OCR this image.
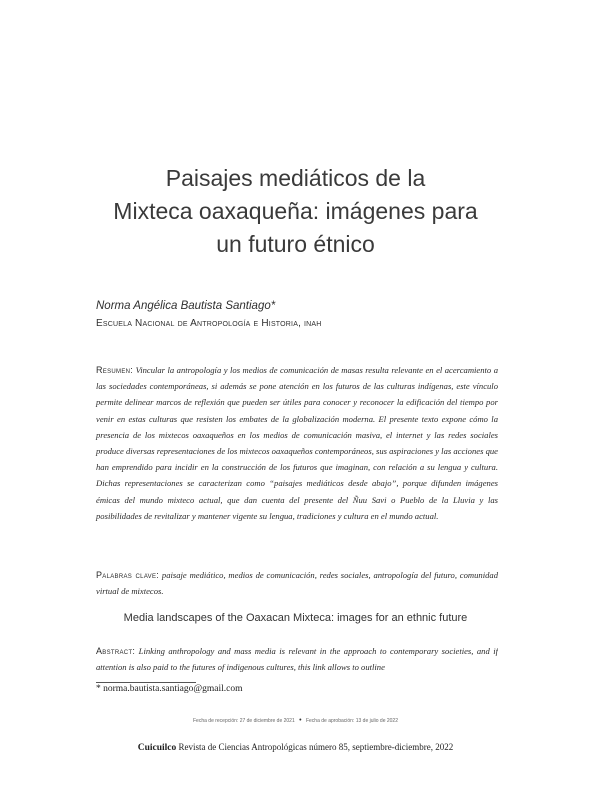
Paisajes mediáticos de la
Mixteca oaxaqueña: imágenes para
un futuro étnico

Norma Angélica Bautista Santiago*

Escuela Nacional de Antropología e Historia, inah

Resumen: Vincular la antropología y los medios de comunicación de masas resulta relevante en el acercamiento a las sociedades contemporáneas, si además se pone atención en los futuros de las culturas indígenas, este vínculo permite delinear marcos de reflexión que pueden ser útiles para conocer y reconocer la edificación del tiempo por venir en estas culturas que resisten los embates de la globalización moderna. El presente texto expone cómo la presencia de los mixtecos oaxaqueños en los medios de comunicación masiva, el internet y las redes sociales produce diversas representaciones de los mixtecos oaxaqueños contemporáneos, sus aspiraciones y las acciones que han emprendido para incidir en la construcción de los futuros que imaginan, con relación a su lengua y cultura. Dichas representaciones se caracterizan como “paisajes mediáticos desde abajo”, porque difunden imágenes émicas del mundo mixteco actual, que dan cuenta del presente del Ñuu Savi o Pueblo de la Lluvia y las posibilidades de revitalizar y mantener vigente su lengua, tradiciones y cultura en el mundo actual.

Palabras clave: paisaje mediático, medios de comunicación, redes sociales, antropología del futuro, comunidad virtual de mixtecos.

Media landscapes of the Oaxacan Mixteca: images for an ethnic future

Abstract: Linking anthropology and mass media is relevant in the approach to contemporary societies, and if attention is also paid to the futures of indigenous cultures, this link allows to outline

* norma.bautista.santiago@gmail.com

Fecha de recepción: 27 de diciembre de 2021 • Fecha de aprobación: 13 de julio de 2022

Cuicuilco Revista de Ciencias Antropológicas número 85, septiembre-diciembre, 2022
